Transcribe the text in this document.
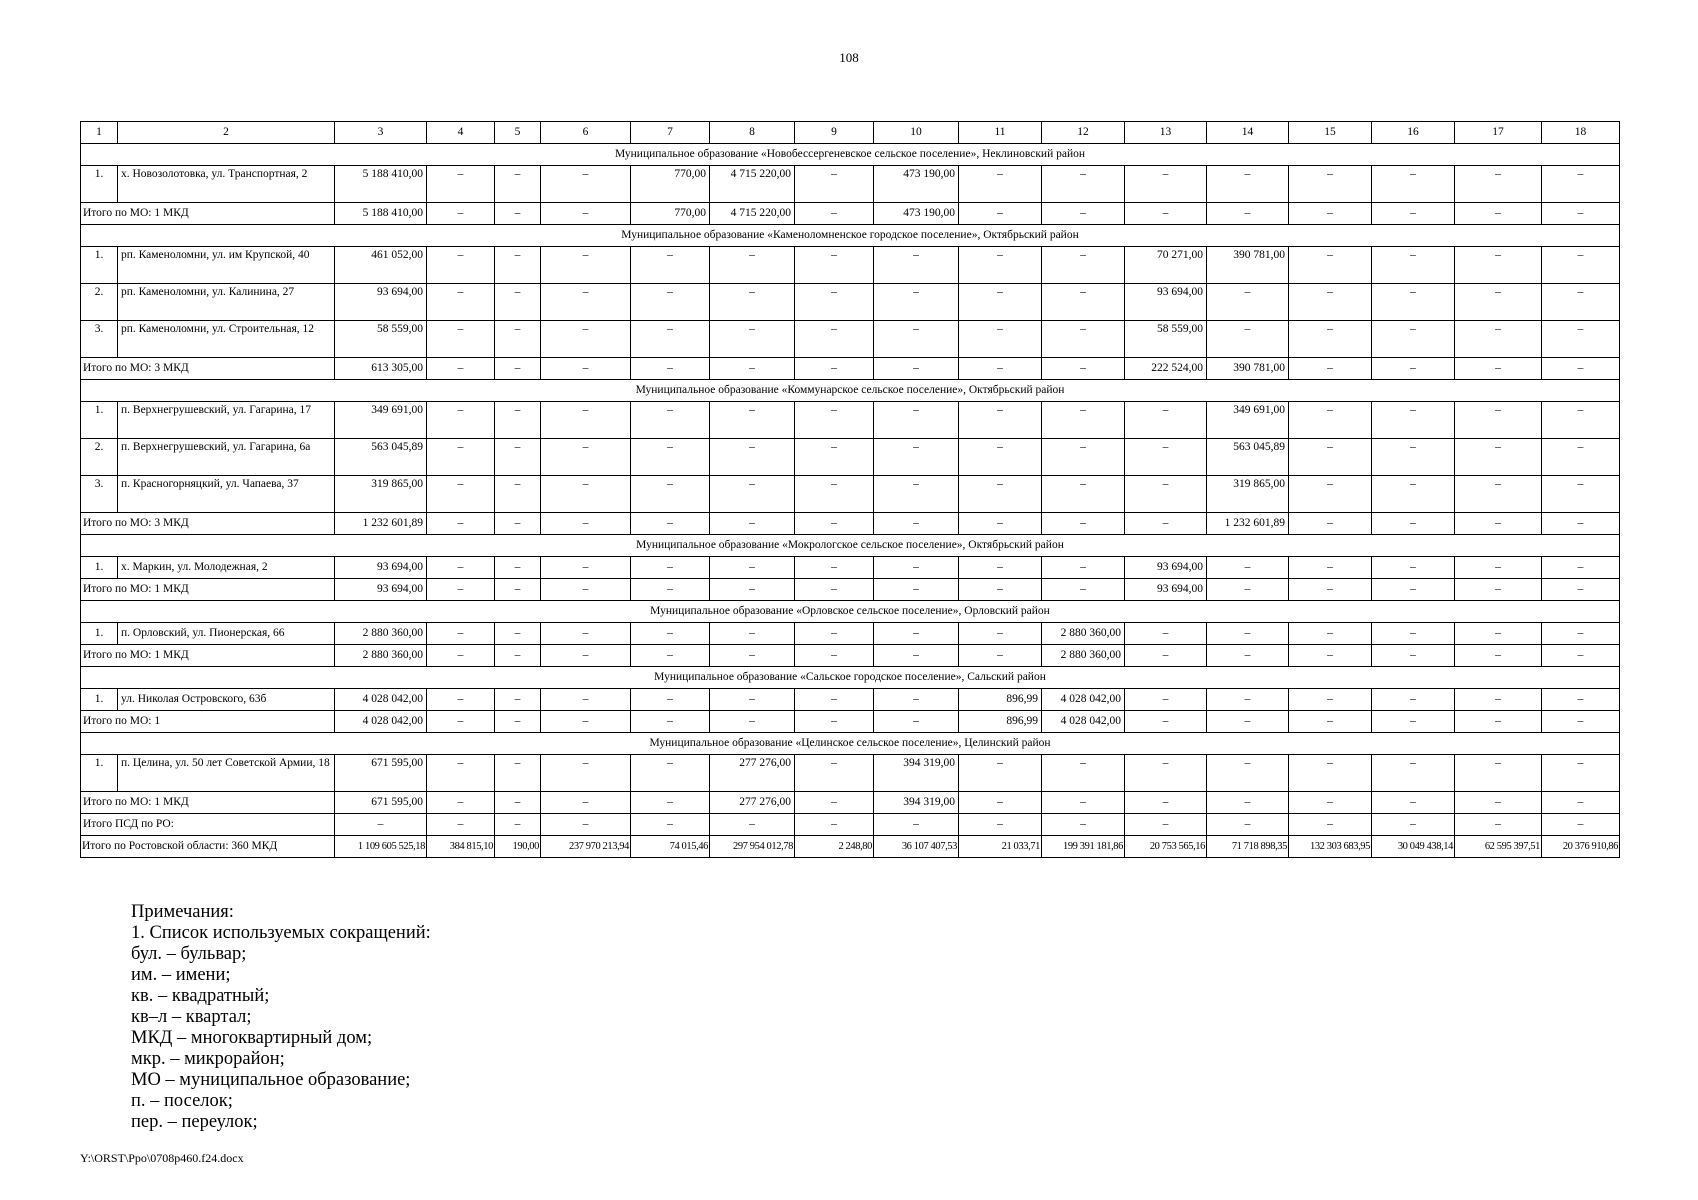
108
1	2	3	4	5	6	7	8	9	10	11	12	13	14	15	16	17	18
Муниципальное образование «Новобессергеневское сельское поселение», Неклиновский район																	
1.	х. Новозолотовка, ул. Транспортная, 2	5 188 410,00	–	–	–	770,00	4 715 220,00	–	473 190,00	–	–	–	–	–	–	–	–
Итого по МО: 1 МКД		5 188 410,00	–	–	–	770,00	4 715 220,00	–	473 190,00	–	–	–	–	–	–	–	–
Муниципальное образование «Каменоломненское городское поселение», Октябрьский район																	
1.	рп. Каменоломни, ул. им Крупской, 40	461 052,00	–	–	–	–	–	–	–	–	–	70 271,00	390 781,00	–	–	–	–
2.	рп. Каменоломни, ул. Калинина, 27	93 694,00	–	–	–	–	–	–	–	–	–	93 694,00	–	–	–	–	–
3.	рп. Каменоломни, ул. Строительная, 12	58 559,00	–	–	–	–	–	–	–	–	–	58 559,00	–	–	–	–	–
Итого по МО: 3 МКД		613 305,00	–	–	–	–	–	–	–	–	–	222 524,00	390 781,00	–	–	–	–
Муниципальное образование «Коммунарское сельское поселение», Октябрьский район																	
1.	п. Верхнегрушевский, ул. Гагарина, 17	349 691,00	–	–	–	–	–	–	–	–	–	–	349 691,00	–	–	–	–
2.	п. Верхнегрушевский, ул. Гагарина, 6а	563 045,89	–	–	–	–	–	–	–	–	–	–	563 045,89	–	–	–	–
3.	п. Красногорняцкий, ул. Чапаева, 37	319 865,00	–	–	–	–	–	–	–	–	–	–	319 865,00	–	–	–	–
Итого по МО: 3 МКД		1 232 601,89	–	–	–	–	–	–	–	–	–	–	1 232 601,89	–	–	–	–
Муниципальное образование «Мокрологское сельское поселение», Октябрьский район																	
1.	х. Маркин, ул. Молодежная, 2	93 694,00	–	–	–	–	–	–	–	–	–	93 694,00	–	–	–	–	–
Итого по МО: 1 МКД		93 694,00	–	–	–	–	–	–	–	–	–	93 694,00	–	–	–	–	–
Муниципальное образование «Орловское сельское поселение», Орловский район																	
1.	п. Орловский, ул. Пионерская, 66	2 880 360,00	–	–	–	–	–	–	–	–	2 880 360,00	–	–	–	–	–	–
Итого по МО: 1 МКД		2 880 360,00	–	–	–	–	–	–	–	–	2 880 360,00	–	–	–	–	–	–
Муниципальное образование «Сальское городское поселение», Сальский район																	
1.	ул. Николая Островского, 63б	4 028 042,00	–	–	–	–	–	–	–	896,99	4 028 042,00	–	–	–	–	–	–
Итого по МО: 1		4 028 042,00	–	–	–	–	–	–	–	896,99	4 028 042,00	–	–	–	–	–	–
Муниципальное образование «Целинское сельское поселение», Целинский район																	
1.	п. Целина, ул. 50 лет Советской Армии, 18	671 595,00	–	–	–	–	277 276,00	–	394 319,00	–	–	–	–	–	–	–	–
Итого по МО: 1 МКД		671 595,00	–	–	–	–	277 276,00	–	394 319,00	–	–	–	–	–	–	–	–
Итого ПСД по РО:		–	–	–	–	–	–	–	–	–	–	–	–	–	–	–	–
Итого по Ростовской области: 360 МКД		1 109 605 525,18	384 815,10	190,00	237 970 213,94	74 015,46	297 954 012,78	2 248,80	36 107 407,53	21 033,71	199 391 181,86	20 753 565,16	71 718 898,35	132 303 683,95	30 049 438,14	62 595 397,51	20 376 910,86
Примечания:
1. Список используемых сокращений:
бул. – бульвар;
им. – имени;
кв. – квадратный;
кв–л – квартал;
МКД – многоквартирный дом;
мкр. – микрорайон;
МО – муниципальное образование;
п. – поселок;
пер. – переулок;
Y:\ORST\Ppo\0708p460.f24.docx
